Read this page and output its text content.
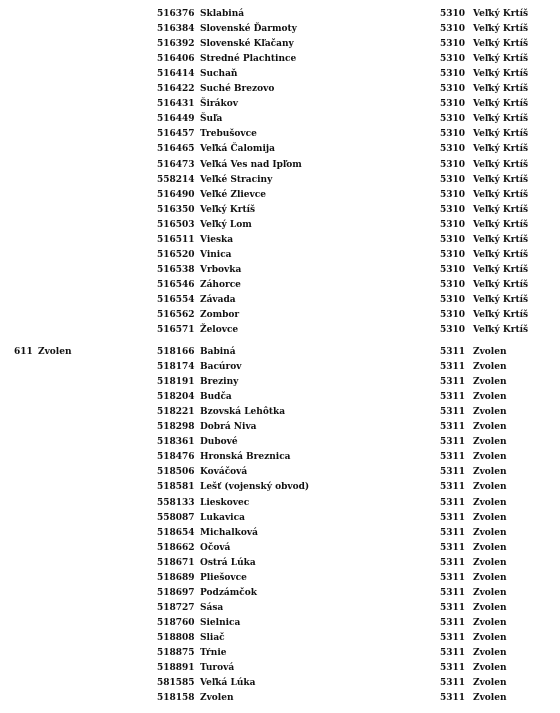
516376 Sklabiná	5310 Veľký Krtíš
516384 Slovenské Ďarmoty	5310 Veľký Krtíš
516392 Slovenské Kľačany	5310 Veľký Krtíš
516406 Stredné Plachtince	5310 Veľký Krtíš
516414 Suchaň	5310 Veľký Krtíš
516422 Suché Brezovo	5310 Veľký Krtíš
516431 Širákov	5310 Veľký Krtíš
516449 Šuľa	5310 Veľký Krtíš
516457 Trebušovce	5310 Veľký Krtíš
516465 Veľká Čalomija	5310 Veľký Krtíš
516473 Veľká Ves nad Ipľom	5310 Veľký Krtíš
558214 Veľké Straciny	5310 Veľký Krtíš
516490 Veľké Zlievce	5310 Veľký Krtíš
516350 Veľký Krtíš	5310 Veľký Krtíš
516503 Veľký Lom	5310 Veľký Krtíš
516511 Vieska	5310 Veľký Krtíš
516520 Vinica	5310 Veľký Krtíš
516538 Vrbovka	5310 Veľký Krtíš
516546 Záhorce	5310 Veľký Krtíš
516554 Závada	5310 Veľký Krtíš
516562 Zombor	5310 Veľký Krtíš
516571 Želovce	5310 Veľký Krtíš
611 Zvolen	518166 Babiná	5311 Zvolen
518174 Bacúrov	5311 Zvolen
518191 Breziny	5311 Zvolen
518204 Budča	5311 Zvolen
518221 Bzovská Lehôtka	5311 Zvolen
518298 Dobrá Niva	5311 Zvolen
518361 Dubové	5311 Zvolen
518476 Hronská Breznica	5311 Zvolen
518506 Kováčová	5311 Zvolen
518581 Lešť (vojenský obvod)	5311 Zvolen
558133 Lieskovec	5311 Zvolen
558087 Lukavica	5311 Zvolen
518654 Michalková	5311 Zvolen
518662 Očová	5311 Zvolen
518671 Ostrá Lúka	5311 Zvolen
518689 Pliešovce	5311 Zvolen
518697 Podzámčok	5311 Zvolen
518727 Sása	5311 Zvolen
518760 Sielnica	5311 Zvolen
518808 Sliač	5311 Zvolen
518875 Tŕnie	5311 Zvolen
518891 Turová	5311 Zvolen
581585 Veľká Lúka	5311 Zvolen
518158 Zvolen	5311 Zvolen
